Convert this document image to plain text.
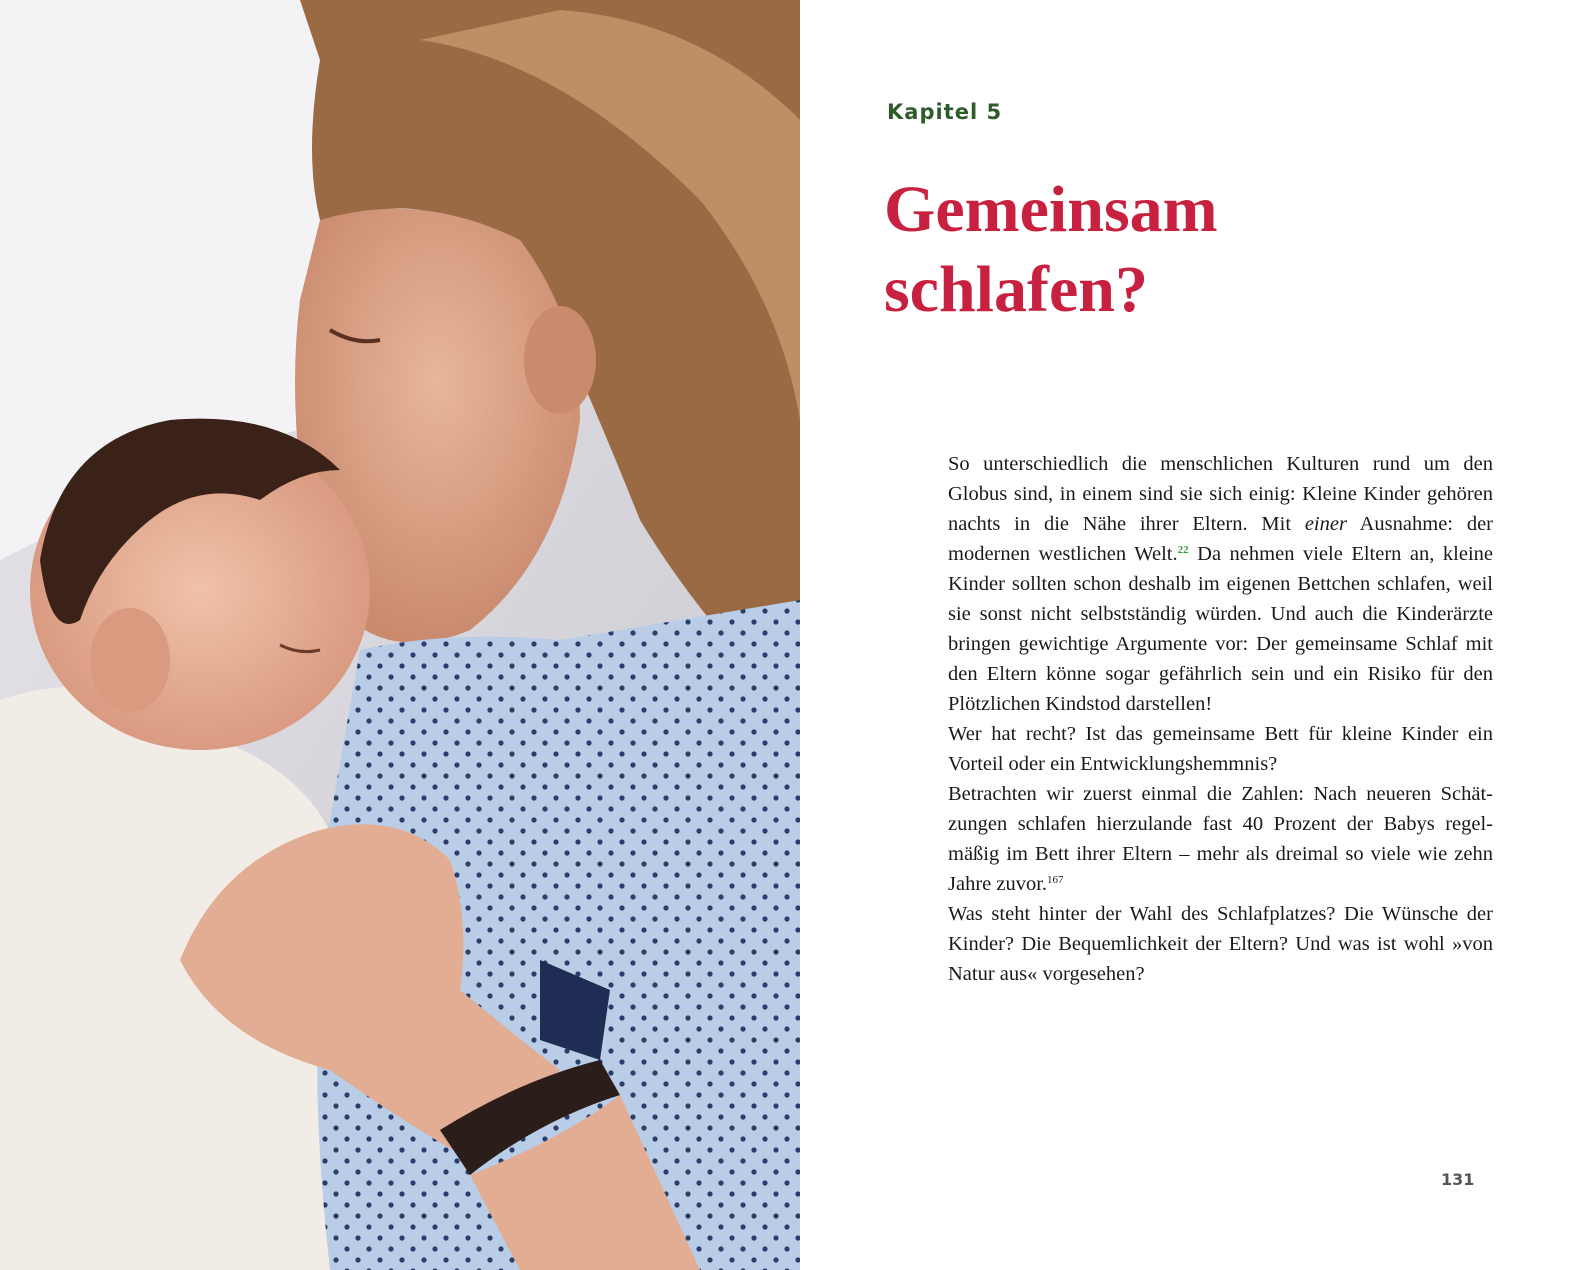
Kapitel 5
Gemeinsam
schlafen?

So unterschiedlich die menschlichen Kulturen rund um den Globus sind, in einem sind sie sich einig: Kleine Kinder gehören nachts in die Nähe ihrer Eltern. Mit einer Ausnahme: der modernen westlichen Welt.$^{22}$ Da nehmen viele Eltern an, kleine Kinder sollten schon deshalb im eigenen Bettchen schlafen, weil sie sonst nicht selbstständig würden. Und auch die Kinderärzte bringen gewichtige Argumente vor: Der gemeinsame Schlaf mit den Eltern könne sogar gefährlich sein und ein Risiko für den Plötzlichen Kindstod darstellen!

Wer hat recht? Ist das gemeinsame Bett für kleine Kinder ein Vorteil oder ein Entwicklungshemmnis?

Betrachten wir zuerst einmal die Zahlen: Nach neueren Schätzungen schlafen hierzulande fast 40 Prozent der Babys regelmäßig im Bett ihrer Eltern – mehr als dreimal so viele wie zehn Jahre zuvor.$^{167}$

Was steht hinter der Wahl des Schlafplatzes? Die Wünsche der Kinder? Die Bequemlichkeit der Eltern? Und was ist wohl »von Natur aus« vorgesehen?

131
